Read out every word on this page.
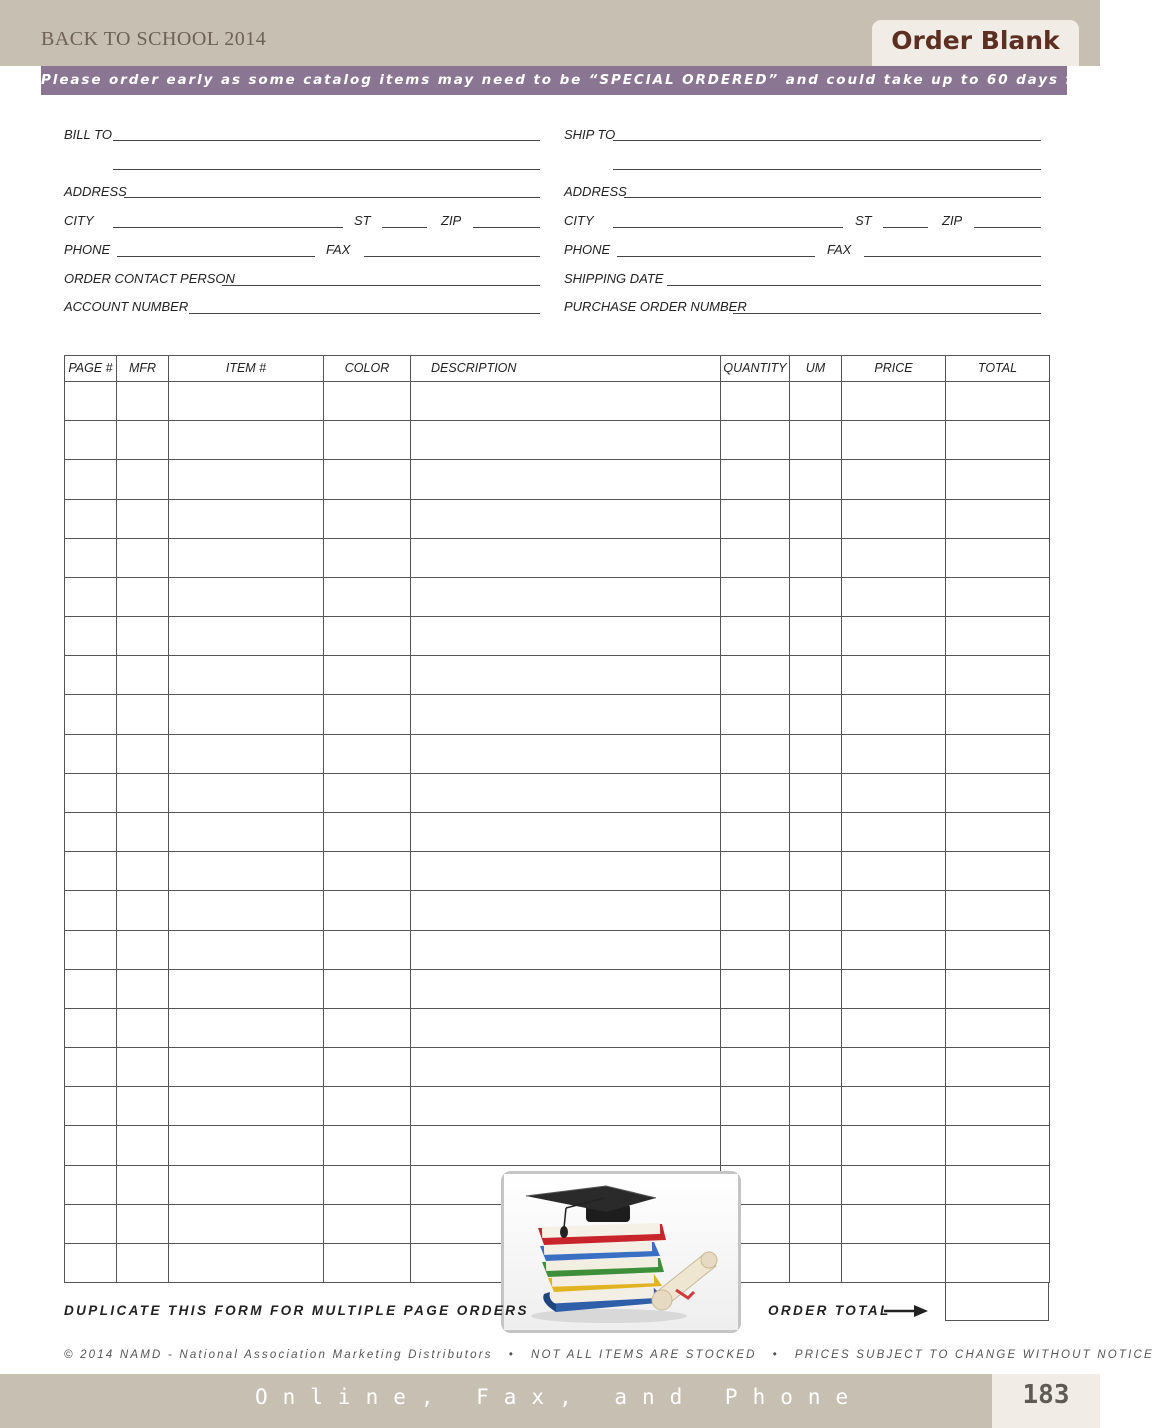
BACK TO SCHOOL 2014	Order Blank
Please order early as some catalog items may need to be “SPECIAL ORDERED” and could take up to 60 days for delivery
BILL TO
ADDRESS
CITY	ST	ZIP
PHONE	FAX
ORDER CONTACT PERSON
ACCOUNT NUMBER
SHIP TO
ADDRESS
CITY	ST	ZIP
PHONE	FAX
SHIPPING DATE
PURCHASE ORDER NUMBER
PAGE #	MFR	ITEM #	COLOR	DESCRIPTION	QUANTITY	UM	PRICE	TOTAL
DUPLICATE THIS FORM FOR MULTIPLE PAGE ORDERS	ORDER TOTAL
© 2014 NAMD - National Association Marketing Distributors • NOT ALL ITEMS ARE STOCKED • PRICES SUBJECT TO CHANGE WITHOUT NOTICE
Online, Fax, and Phone	183
